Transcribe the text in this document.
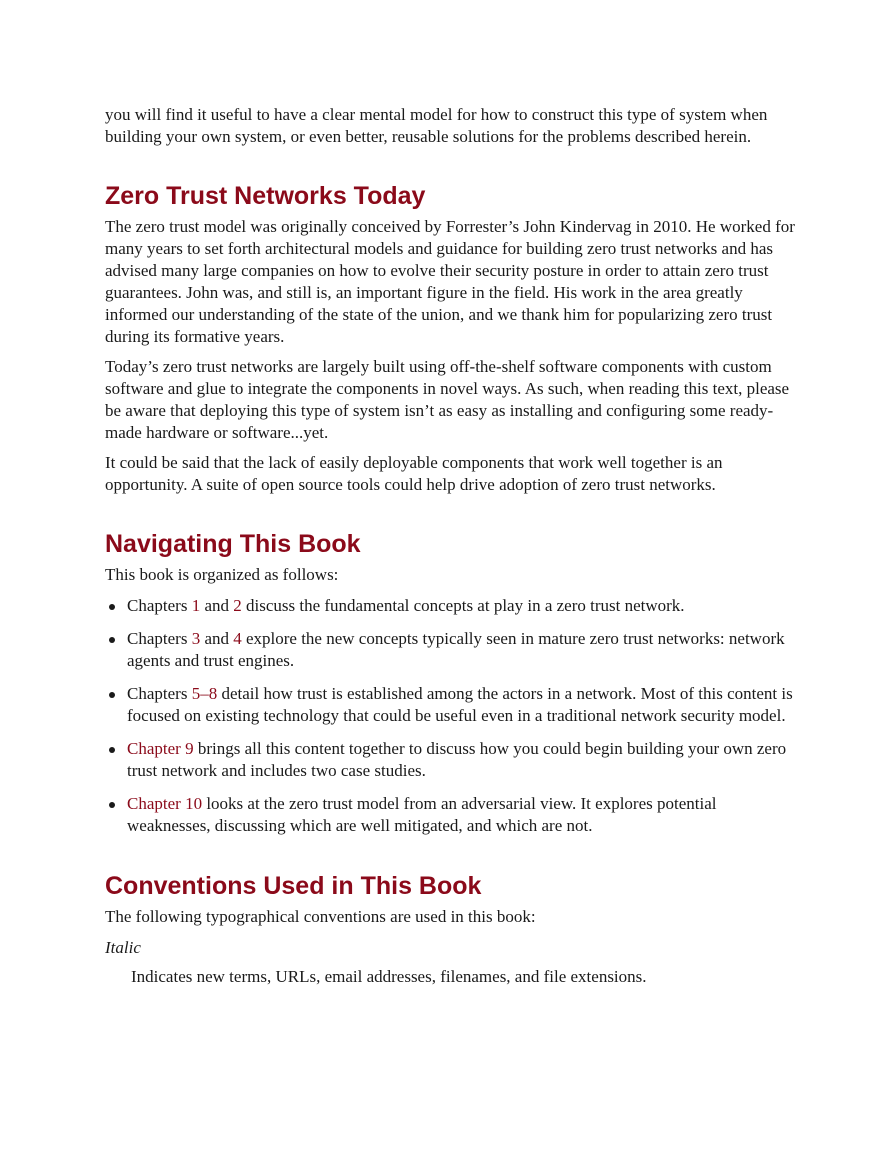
you will find it useful to have a clear mental model for how to construct this type of system when building your own system, or even better, reusable solutions for the problems described herein.

Zero Trust Networks Today

The zero trust model was originally conceived by Forrester’s John Kindervag in 2010. He worked for many years to set forth architectural models and guidance for building zero trust networks and has advised many large companies on how to evolve their security posture in order to attain zero trust guarantees. John was, and still is, an important figure in the field. His work in the area greatly informed our understanding of the state of the union, and we thank him for popularizing zero trust during its formative years.

Today’s zero trust networks are largely built using off-the-shelf software components with custom software and glue to integrate the components in novel ways. As such, when reading this text, please be aware that deploying this type of system isn’t as easy as installing and configuring some ready-made hardware or software...yet.

It could be said that the lack of easily deployable components that work well together is an opportunity. A suite of open source tools could help drive adoption of zero trust networks.

Navigating This Book

This book is organized as follows:

Chapters 1 and 2 discuss the fundamental concepts at play in a zero trust network.
Chapters 3 and 4 explore the new concepts typically seen in mature zero trust networks: network agents and trust engines.
Chapters 5–8 detail how trust is established among the actors in a network. Most of this content is focused on existing technology that could be useful even in a traditional network security model.
Chapter 9 brings all this content together to discuss how you could begin building your own zero trust network and includes two case studies.
Chapter 10 looks at the zero trust model from an adversarial view. It explores potential weaknesses, discussing which are well mitigated, and which are not.
Conventions Used in This Book

The following typographical conventions are used in this book:

Italic

Indicates new terms, URLs, email addresses, filenames, and file extensions.
